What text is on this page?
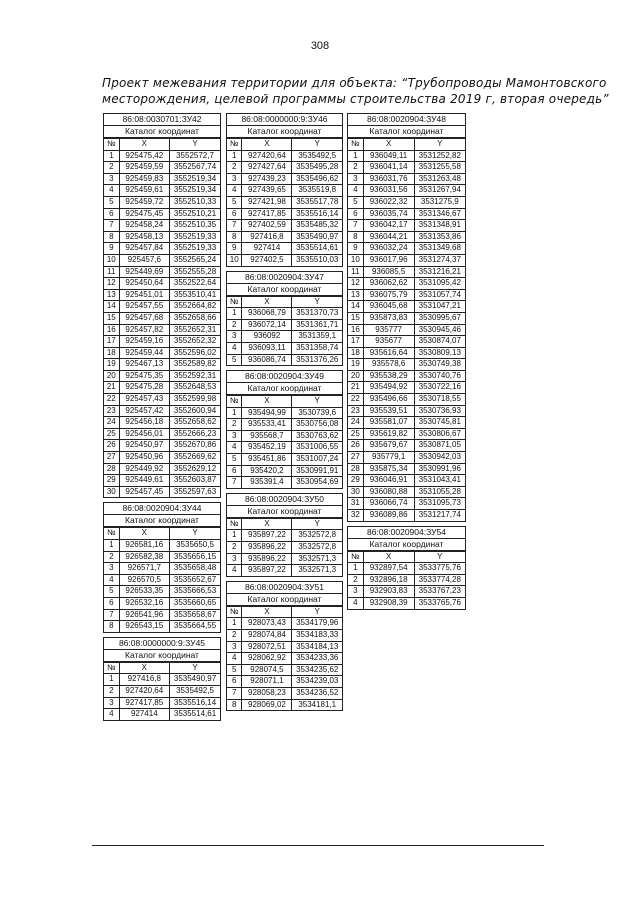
308
Проект межевания территории для объекта: “Трубопроводы Мамонтовского
месторождения, целевой программы строительства 2019 г, вторая очередь”
86:08:0030701:ЗУ42
Каталог координат
№	X	Y
1	925475,42	3552572,7
2	925459,59	3552567,74
3	925459,83	3552519,34
4	925459,61	3552519,34
5	925459,72	3552510,33
6	925475,45	3552510,21
7	925458,24	3552510,35
8	925458,13	3552519,33
9	925457,84	3552519,33
10	925457,6	3552565,24
11	925449,69	3552555,28
12	925450,64	3552522,64
13	925451,01	3553510,41
14	925457,55	3552664,82
15	925457,68	3552658,66
16	925457,82	3552652,31
17	925459,16	3552652,32
18	925459,44	3552596,02
19	925467,13	3552589,82
20	925475,35	3552592,31
21	925475,28	3552648,53
22	925457,43	3552599,98
23	925457,42	3552600,94
24	925456,18	3552658,62
25	925456,01	3552666,23
26	925450,97	3552670,86
27	925450,96	3552669,62
28	925449,92	3552629,12
29	925449,61	3552603,87
30	925457,45	3552597,63
86:08:0020904:ЗУ44
Каталог координат
№	X	Y
1	926581,16	3535650,5
2	926582,38	3535656,15
3	926571,7	3535658,48
4	926570,5	3535652,67
5	926533,35	3535666,53
6	926532,16	3535660,65
7	926541,96	3535658,67
8	926543,15	3535664,55
86:08:0000000:9:ЗУ45
Каталог координат
№	X	Y
1	927416,8	3535490,97
2	927420,64	3535492,5
3	927417,85	3535516,14
4	927414	3535514,61
86:08:0000000:9:ЗУ46
Каталог координат
№	X	Y
1	927420,64	3535492,5
2	927427,64	3535495,28
3	927439,23	3535496,62
4	927439,65	3535519,8
5	927421,98	3535517,78
6	927417,85	3535516,14
7	927402,59	3535485,32
8	927416,8	3535490,97
9	927414	3535514,61
10	927402,5	3535510,03
86:08:0020904:ЗУ47
Каталог координат
№	X	Y
1	936068,79	3531370,73
2	936072,14	3531361,71
3	936092	3531359,1
4	936093,11	3531358,74
5	936086,74	3531376,26
86:08:0020904:ЗУ49
Каталог координат
№	X	Y
1	935494,99	3530739,6
2	935533,41	3530756,08
3	935568,7	3530763,62
4	935452,19	3531006,55
5	935451,86	3531007,24
6	935420,2	3530991,91
7	935391,4	3530954,69
86:08:0020904:ЗУ50
Каталог координат
№	X	Y
1	935897,22	3532572,8
2	935896,22	3532572,8
3	935896,22	3532571,3
4	935897,22	3532571,3
86:08:0020904:ЗУ51
Каталог координат
№	X	Y
1	928073,43	3534179,96
2	928074,84	3534183,33
3	928072,51	3534184,13
4	928062,92	3534233,36
5	928074,5	3534235,62
6	928071,1	3534239,03
7	928058,23	3534236,52
8	928069,02	3534181,1
86:08:0020904:ЗУ48
Каталог координат
№	X	Y
1	936049,11	3531252,82
2	936041,14	3531255,58
3	936031,76	3531263,48
4	936031,56	3531267,94
5	936022,32	3531275,9
6	936035,74	3531346,67
7	936042,17	3531348,91
8	936044,21	3531353,86
9	936032,24	3531349,68
10	936017,96	3531274,37
11	936085,5	3531216,21
12	936062,62	3531095,42
13	936075,79	3531057,74
14	936045,68	3531047,21
15	935873,83	3530995,67
16	935777	3530945,46
17	935677	3530874,07
18	935616,64	3530809,13
19	935578,6	3530749,38
20	935538,29	3530740,76
21	935494,92	3530722,16
22	935496,66	3530718,55
23	935539,51	3530736,93
24	935581,07	3530745,81
25	935619,82	3530806,67
26	935679,67	3530871,05
27	935779,1	3530942,03
28	935875,34	3530991,96
29	936046,91	3531043,41
30	936080,88	3531055,28
31	936066,74	3531095,73
32	936089,86	3531217,74
86:08:0020904:ЗУ54
Каталог координат
№	X	Y
1	932897,54	3533775,76
2	932896,18	3533774,28
3	932903,83	3533767,23
4	932908,39	3533765,76
